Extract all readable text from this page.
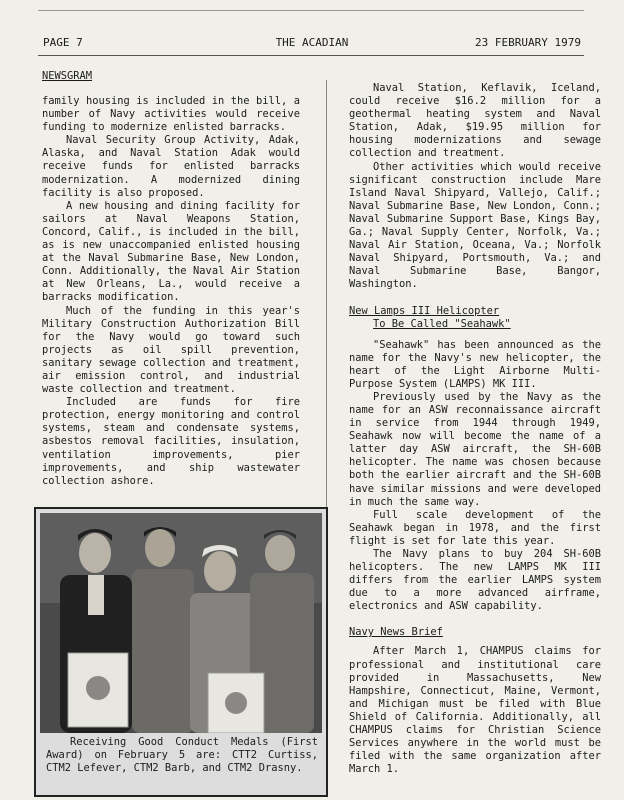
PAGE 7	THE ACADIAN	23 FEBRUARY 1979
NEWSGRAM
family housing is included in the bill, a number of Navy activities would receive funding to modernize enlisted barracks.
Naval Security Group Activity, Adak, Alaska, and Naval Station Adak would receive funds for enlisted barracks modernization. A modernized dining facility is also proposed.
A new housing and dining facility for sailors at Naval Weapons Station, Concord, Calif., is included in the bill, as is new unaccompanied enlisted housing at the Naval Submarine Base, New London, Conn. Additionally, the Naval Air Station at New Orleans, La., would receive a barracks modification.
Much of the funding in this year's Military Construction Authorization Bill for the Navy would go toward such projects as oil spill prevention, sanitary sewage collection and treatment, air emission control, and industrial waste collection and treatment.
Included are funds for fire protection, energy monitoring and control systems, steam and condensate systems, asbestos removal facilities, insulation, ventilation improvements, pier improvements, and ship wastewater collection ashore.
Receiving Good Conduct Medals (First Award) on February 5 are: CTT2 Curtiss, CTM2 Lefever, CTM2 Barb, and CTM2 Drasny.
Naval Station, Keflavik, Iceland, could receive $16.2 million for a geothermal heating system and Naval Station, Adak, $19.95 million for housing modernizations and sewage collection and treatment.
Other activities which would receive significant construction include Mare Island Naval Shipyard, Vallejo, Calif.; Naval Submarine Base, New London, Conn.; Naval Submarine Support Base, Kings Bay, Ga.; Naval Supply Center, Norfolk, Va.; Naval Air Station, Oceana, Va.; Norfolk Naval Shipyard, Portsmouth, Va.; and Naval Submarine Base, Bangor, Washington.
New Lamps III Helicopter
To Be Called "Seahawk"
"Seahawk" has been announced as the name for the Navy's new helicopter, the heart of the Light Airborne Multi-Purpose System (LAMPS) MK III.
Previously used by the Navy as the name for an ASW reconnaissance aircraft in service from 1944 through 1949, Seahawk now will become the name of a latter day ASW aircraft, the SH-60B helicopter. The name was chosen because both the earlier aircraft and the SH-60B have similar missions and were developed in much the same way.
Full scale development of the Seahawk began in 1978, and the first flight is set for late this year.
The Navy plans to buy 204 SH-60B helicopters. The new LAMPS MK III differs from the earlier LAMPS system due to a more advanced airframe, electronics and ASW capability.
Navy News Brief
After March 1, CHAMPUS claims for professional and institutional care provided in Massachusetts, New Hampshire, Connecticut, Maine, Vermont, and Michigan must be filed with Blue Shield of California. Additionally, all CHAMPUS claims for Christian Science Services anywhere in the world must be filed with the same organization after March 1.
